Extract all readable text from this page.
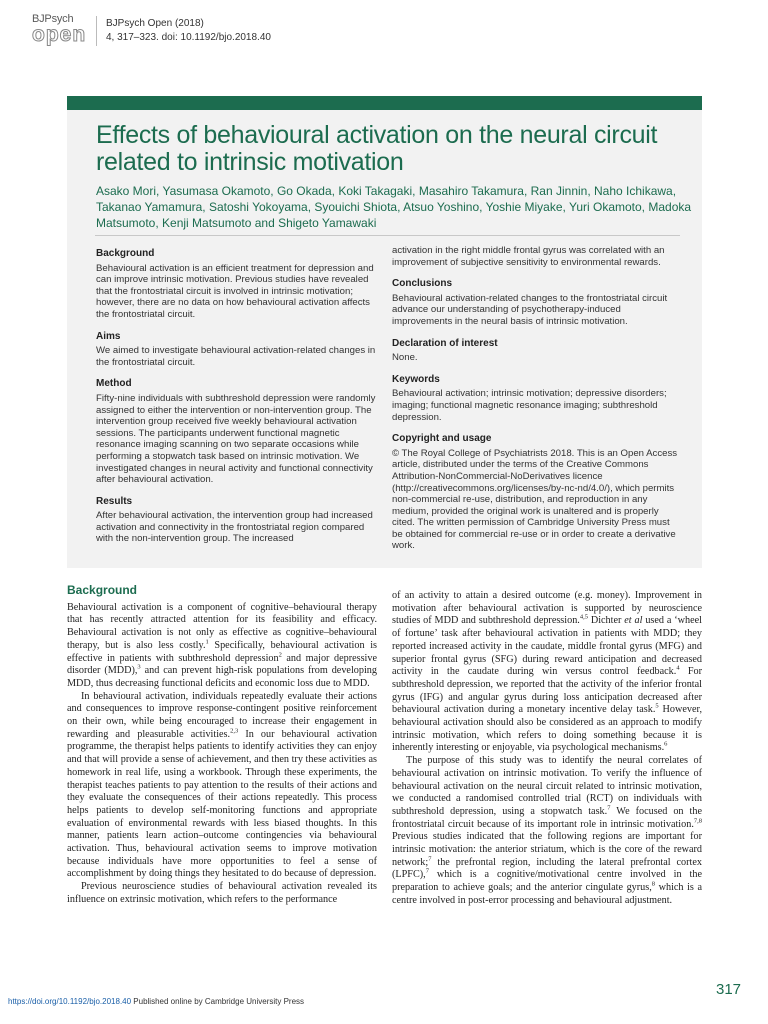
BJPsych
open	BJPsych Open (2018)
4, 317–323. doi: 10.1192/bjo.2018.40
Effects of behavioural activation on the neural circuit related to intrinsic motivation
Asako Mori, Yasumasa Okamoto, Go Okada, Koki Takagaki, Masahiro Takamura, Ran Jinnin, Naho Ichikawa, Takanao Yamamura, Satoshi Yokoyama, Syouichi Shiota, Atsuo Yoshino, Yoshie Miyake, Yuri Okamoto, Madoka Matsumoto, Kenji Matsumoto and Shigeto Yamawaki
Background

Behavioural activation is an efficient treatment for depression and can improve intrinsic motivation. Previous studies have revealed that the frontostriatal circuit is involved in intrinsic motivation; however, there are no data on how behavioural activation affects the frontostriatal circuit.

Aims

We aimed to investigate behavioural activation-related changes in the frontostriatal circuit.

Method

Fifty-nine individuals with subthreshold depression were randomly assigned to either the intervention or non-intervention group. The intervention group received five weekly behavioural activation sessions. The participants underwent functional magnetic resonance imaging scanning on two separate occasions while performing a stopwatch task based on intrinsic motivation. We investigated changes in neural activity and functional connectivity after behavioural activation.

Results

After behavioural activation, the intervention group had increased activation and connectivity in the frontostriatal region compared with the non-intervention group. The increased

activation in the right middle frontal gyrus was correlated with an improvement of subjective sensitivity to environmental rewards.

Conclusions

Behavioural activation-related changes to the frontostriatal circuit advance our understanding of psychotherapy-induced improvements in the neural basis of intrinsic motivation.

Declaration of interest

None.

Keywords

Behavioural activation; intrinsic motivation; depressive disorders; imaging; functional magnetic resonance imaging; subthreshold depression.

Copyright and usage

© The Royal College of Psychiatrists 2018. This is an Open Access article, distributed under the terms of the Creative Commons Attribution-NonCommercial-NoDerivatives licence (http://creativecommons.org/licenses/by-nc-nd/4.0/), which permits non-commercial re-use, distribution, and reproduction in any medium, provided the original work is unaltered and is properly cited. The written permission of Cambridge University Press must be obtained for commercial re-use or in order to create a derivative work.

Background

Behavioural activation is a component of cognitive–behavioural therapy that has recently attracted attention for its feasibility and efficacy. Behavioural activation is not only as effective as cognitive–behavioural therapy, but is also less costly.$^1$ Specifically, behavioural activation is effective in patients with subthreshold depression$^2$ and major depressive disorder (MDD),$^3$ and can prevent high-risk populations from developing MDD, thus decreasing functional deficits and economic loss due to MDD.

In behavioural activation, individuals repeatedly evaluate their actions and consequences to improve response-contingent positive reinforcement on their own, while being encouraged to increase their engagement in rewarding and pleasurable activities.$^{2,3}$ In our behavioural activation programme, the therapist helps patients to identify activities they can enjoy and that will provide a sense of achievement, and then try these activities as homework in real life, using a workbook. Through these experiments, the therapist teaches patients to pay attention to the results of their actions and they evaluate the consequences of their actions repeatedly. This process helps patients to develop self-monitoring functions and appropriate evaluation of environmental rewards with less biased thoughts. In this manner, patients learn action–outcome contingencies via behavioural activation. Thus, behavioural activation seems to improve motivation because individuals have more opportunities to feel a sense of accomplishment by doing things they hesitated to do because of depression.

Previous neuroscience studies of behavioural activation revealed its influence on extrinsic motivation, which refers to the performance

of an activity to attain a desired outcome (e.g. money). Improvement in motivation after behavioural activation is supported by neuroscience studies of MDD and subthreshold depression.$^{4,5}$ Dichter et al used a ‘wheel of fortune’ task after behavioural activation in patients with MDD; they reported increased activity in the caudate, middle frontal gyrus (MFG) and superior frontal gyrus (SFG) during reward anticipation and decreased activity in the caudate during win versus control feedback.$^4$ For subthreshold depression, we reported that the activity of the inferior frontal gyrus (IFG) and angular gyrus during loss anticipation decreased after behavioural activation during a monetary incentive delay task.$^5$ However, behavioural activation should also be considered as an approach to modify intrinsic motivation, which refers to doing something because it is inherently interesting or enjoyable, via psychological mechanisms.$^6$

The purpose of this study was to identify the neural correlates of behavioural activation on intrinsic motivation. To verify the influence of behavioural activation on the neural circuit related to intrinsic motivation, we conducted a randomised controlled trial (RCT) on individuals with subthreshold depression, using a stopwatch task.$^7$ We focused on the frontostriatal circuit because of its important role in intrinsic motivation.$^{7,8}$ Previous studies indicated that the following regions are important for intrinsic motivation: the anterior striatum, which is the core of the reward network;$^7$ the prefrontal region, including the lateral prefrontal cortex (LPFC),$^7$ which is a cognitive/motivational centre involved in the preparation to achieve goals; and the anterior cingulate gyrus,$^8$ which is a centre involved in post-error processing and behavioural adjustment.

https://doi.org/10.1192/bjo.2018.40 Published online by Cambridge University Press
317
